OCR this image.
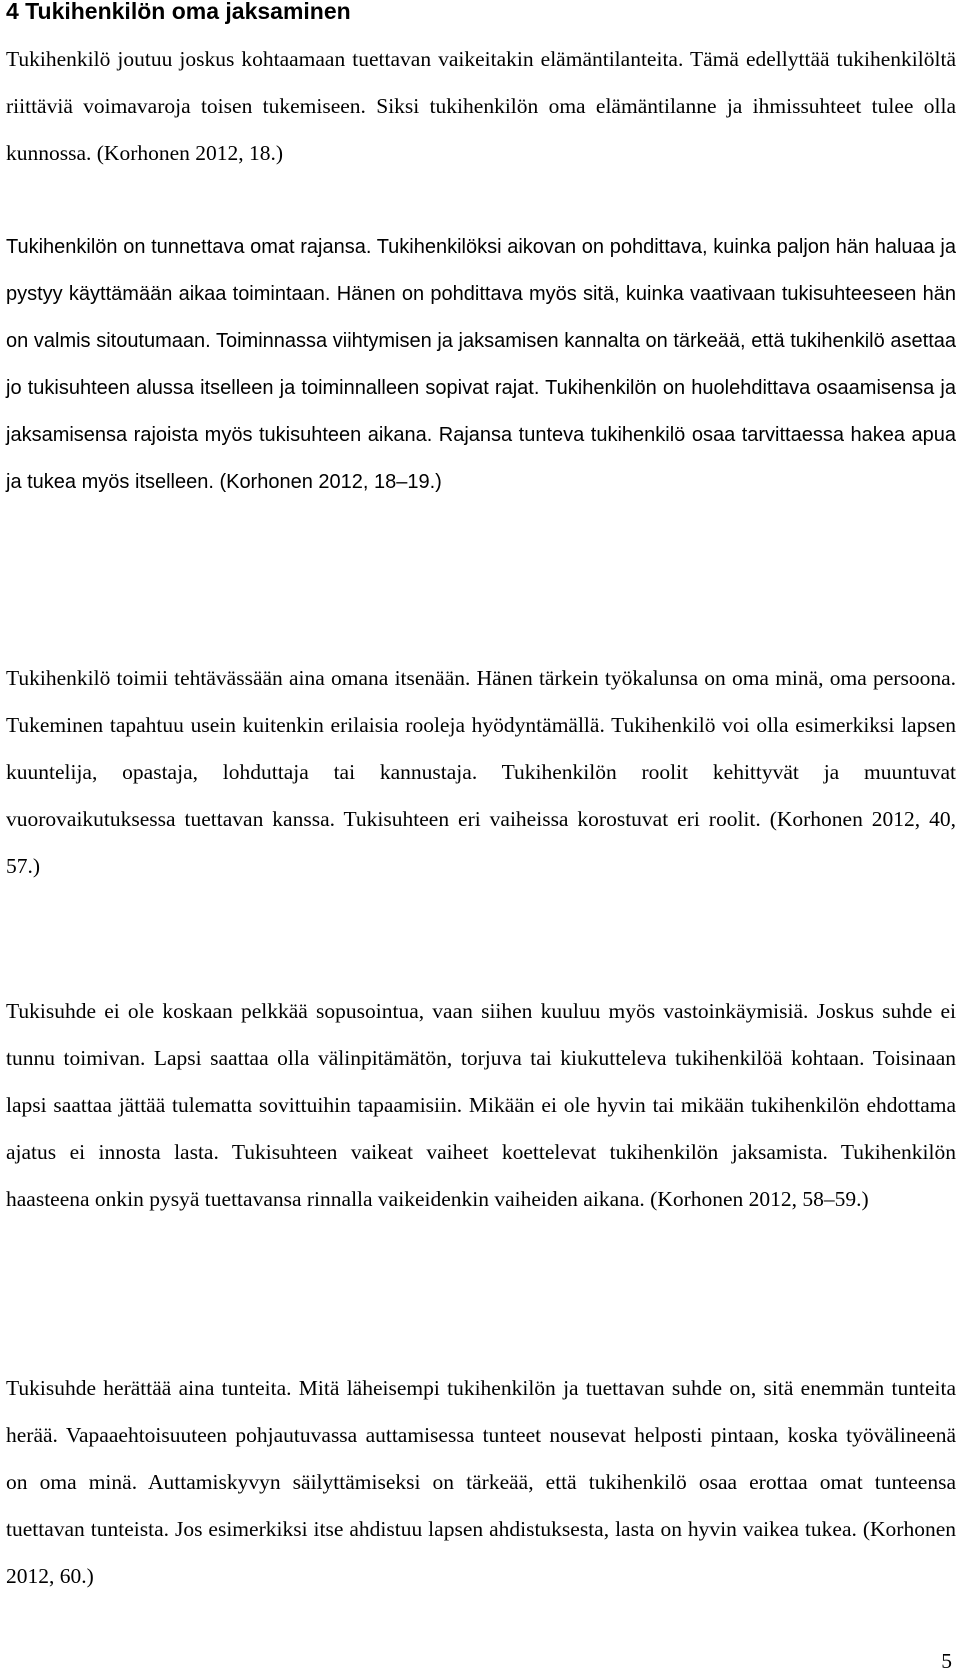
4 Tukihenkilön oma jaksaminen

Tukihenkilö joutuu joskus kohtaamaan tuettavan vaikeitakin elämäntilanteita. Tämä edellyttää tukihenkilöltä riittäviä voimavaroja toisen tukemiseen. Siksi tukihenkilön oma elämäntilanne ja ihmissuhteet tulee olla kunnossa. (Korhonen 2012, 18.)

Tukihenkilön on tunnettava omat rajansa. Tukihenkilöksi aikovan on pohdittava, kuinka paljon hän haluaa ja pystyy käyttämään aikaa toimintaan. Hänen on pohdittava myös sitä, kuinka vaativaan tukisuhteeseen hän on valmis sitoutumaan. Toiminnassa viihtymisen ja jaksamisen kannalta on tärkeää, että tukihenkilö asettaa jo tukisuhteen alussa itselleen ja toiminnalleen sopivat rajat. Tukihenkilön on huolehdittava osaamisensa ja jaksamisensa rajoista myös tukisuhteen aikana. Rajansa tunteva tukihenkilö osaa tarvittaessa hakea apua ja tukea myös itselleen. (Korhonen 2012, 18–19.)

Tukihenkilö toimii tehtävässään aina omana itsenään. Hänen tärkein työkalunsa on oma minä, oma persoona. Tukeminen tapahtuu usein kuitenkin erilaisia rooleja hyödyntämällä. Tukihenkilö voi olla esimerkiksi lapsen kuuntelija, opastaja, lohduttaja tai kannustaja. Tukihenkilön roolit kehittyvät ja muuntuvat vuorovaikutuksessa tuettavan kanssa. Tukisuhteen eri vaiheissa korostuvat eri roolit. (Korhonen 2012, 40, 57.)

Tukisuhde ei ole koskaan pelkkää sopusointua, vaan siihen kuuluu myös vastoinkäymisiä. Joskus suhde ei tunnu toimivan. Lapsi saattaa olla välinpitämätön, torjuva tai kiukutteleva tukihenkilöä kohtaan. Toisinaan lapsi saattaa jättää tulematta sovittuihin tapaamisiin. Mikään ei ole hyvin tai mikään tukihenkilön ehdottama ajatus ei innosta lasta. Tukisuhteen vaikeat vaiheet koettelevat tukihenkilön jaksamista. Tukihenkilön haasteena onkin pysyä tuettavansa rinnalla vaikeidenkin vaiheiden aikana. (Korhonen 2012, 58–59.)

Tukisuhde herättää aina tunteita. Mitä läheisempi tukihenkilön ja tuettavan suhde on, sitä enemmän tunteita herää. Vapaaehtoisuuteen pohjautuvassa auttamisessa tunteet nousevat helposti pintaan, koska työvälineenä on oma minä. Auttamiskyvyn säilyttämiseksi on tärkeää, että tukihenkilö osaa erottaa omat tunteensa tuettavan tunteista. Jos esimerkiksi itse ahdistuu lapsen ahdistuksesta, lasta on hyvin vaikea tukea. (Korhonen 2012, 60.)

5
